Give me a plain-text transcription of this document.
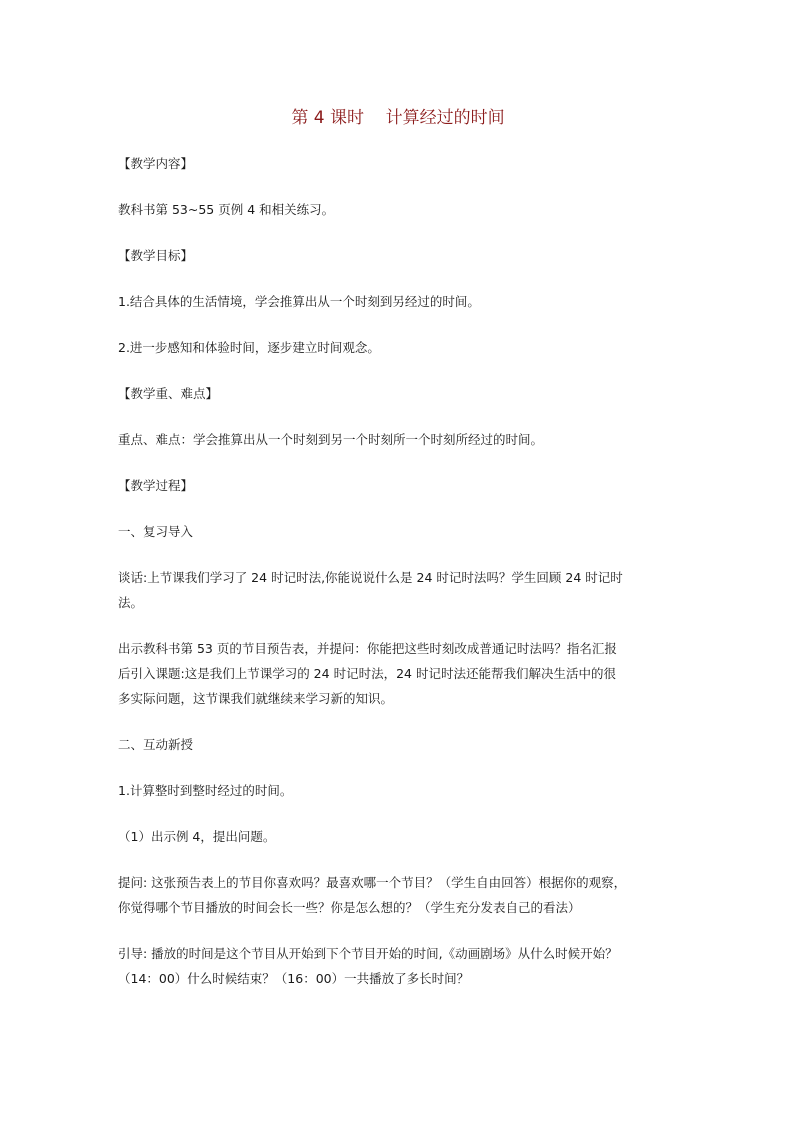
第 4 课时    计算经过的时间
【教学内容】
教科书第 53~55 页例 4 和相关练习。
【教学目标】
1.结合具体的生活情境，学会推算出从一个时刻到另经过的时间。
2.进一步感知和体验时间，逐步建立时间观念。
【教学重、难点】
重点、难点：学会推算出从一个时刻到另一个时刻所一个时刻所经过的时间。
【教学过程】
一、复习导入
谈话:上节课我们学习了 24 时记时法,你能说说什么是 24 时记时法吗？学生回顾 24 时记时
法。
出示教科书第 53 页的节目预告表，并提问：你能把这些时刻改成普通记时法吗？指名汇报
后引入课题:这是我们上节课学习的 24 时记时法，24 时记时法还能帮我们解决生活中的很
多实际问题，这节课我们就继续来学习新的知识。
二、互动新授
1.计算整时到整时经过的时间。
（1）出示例 4，提出问题。
提问: 这张预告表上的节目你喜欢吗？最喜欢哪一个节目？（学生自由回答）根据你的观察，
你觉得哪个节目播放的时间会长一些？你是怎么想的？（学生充分发表自己的看法）
引导: 播放的时间是这个节目从开始到下个节目开始的时间,《动画剧场》从什么时候开始？
（14：00）什么时候结束？（16：00）一共播放了多长时间？
